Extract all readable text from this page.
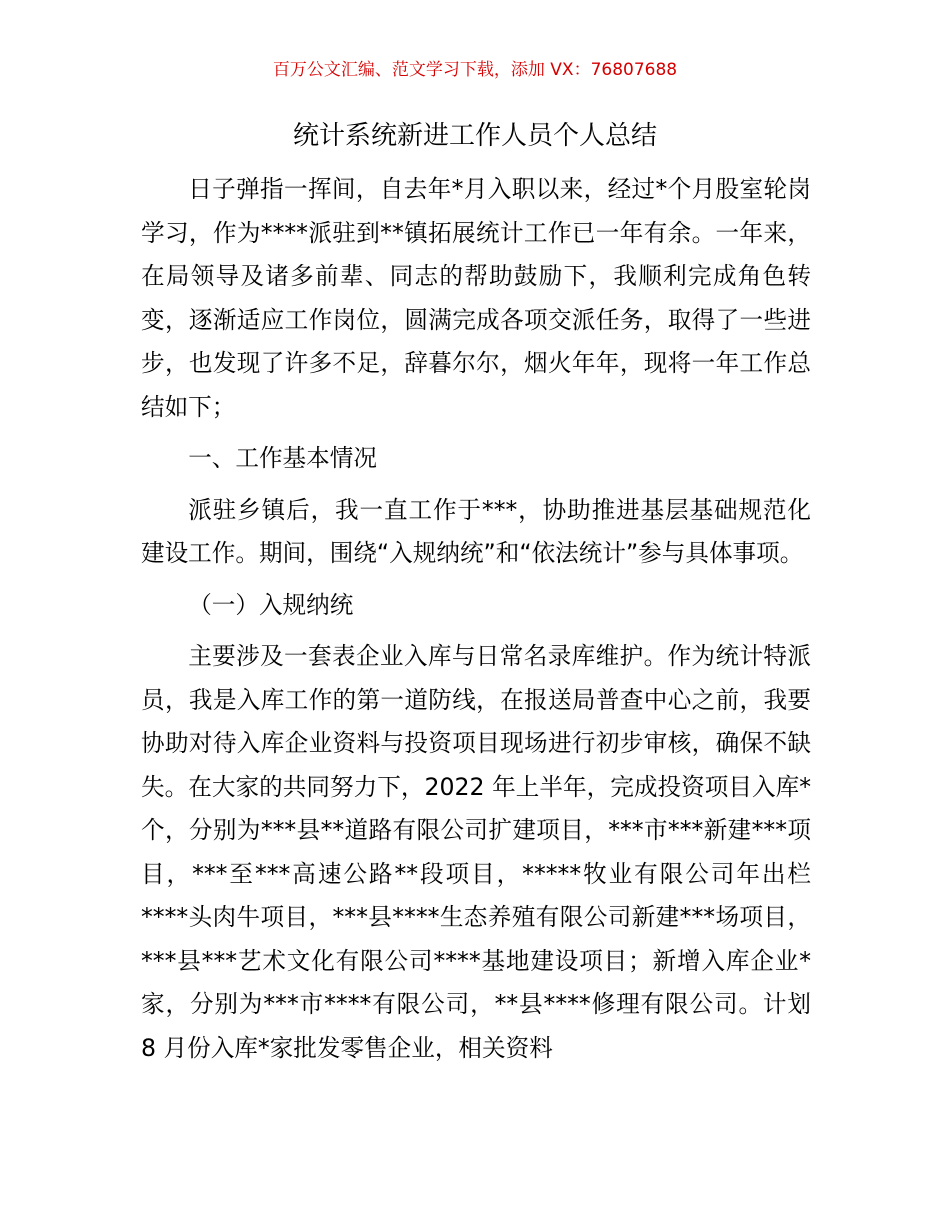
百万公文汇编、范文学习下载，添加 VX：76807688
统计系统新进工作人员个人总结

日子弹指一挥间，自去年*月入职以来，经过*个月股室轮岗学习，作为****派驻到**镇拓展统计工作已一年有余。一年来，在局领导及诸多前辈、同志的帮助鼓励下，我顺利完成角色转变，逐渐适应工作岗位，圆满完成各项交派任务，取得了一些进步，也发现了许多不足，辞暮尔尔，烟火年年，现将一年工作总结如下；

一、工作基本情况

派驻乡镇后，我一直工作于***，协助推进基层基础规范化建设工作。期间，围绕“入规纳统”和“依法统计”参与具体事项。

（一）入规纳统

主要涉及一套表企业入库与日常名录库维护。作为统计特派员，我是入库工作的第一道防线，在报送局普查中心之前，我要协助对待入库企业资料与投资项目现场进行初步审核，确保不缺失。在大家的共同努力下，2022 年上半年，完成投资项目入库*个，分别为***县**道路有限公司扩建项目，***市***新建***项目，***至***高速公路**段项目，*****牧业有限公司年出栏****头肉牛项目，***县****生态养殖有限公司新建***场项目，***县***艺术文化有限公司****基地建设项目；新增入库企业*家，分别为***市****有限公司，**县****修理有限公司。计划 8 月份入库*家批发零售企业，相关资料
